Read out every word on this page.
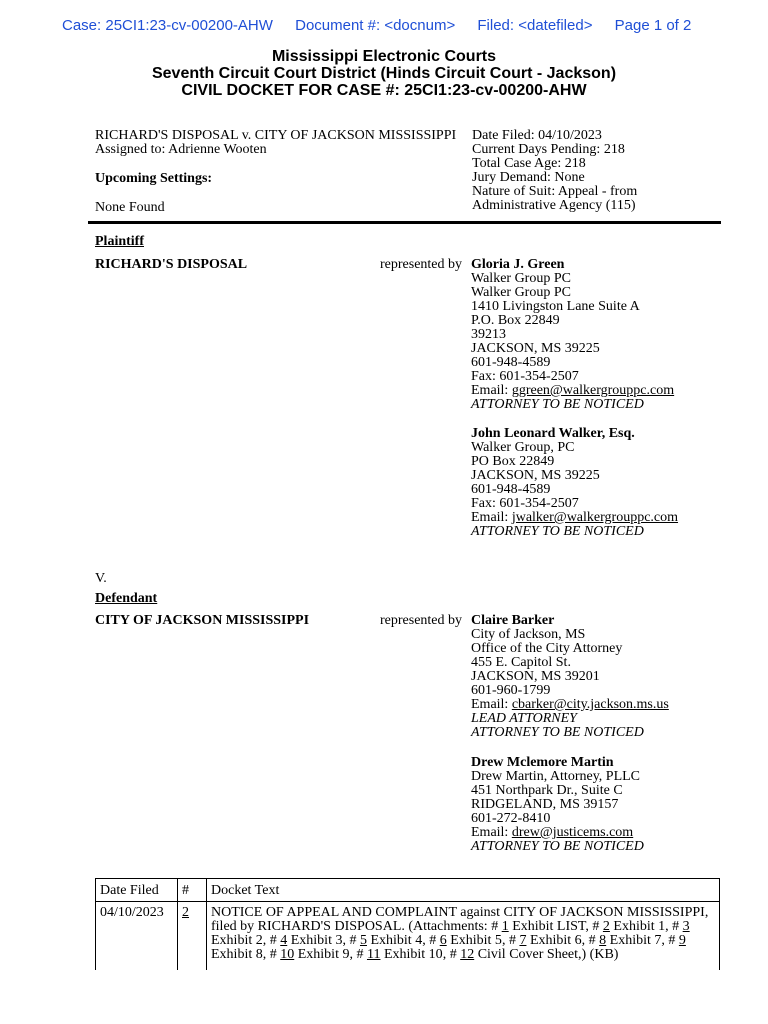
Case: 25CI1:23-cv-00200-AHW Document #: <docnum> Filed: <datefiled> Page 1 of 2
Mississippi Electronic Courts
Seventh Circuit Court District (Hinds Circuit Court - Jackson)
CIVIL DOCKET FOR CASE #: 25CI1:23-cv-00200-AHW
RICHARD'S DISPOSAL v. CITY OF JACKSON MISSISSIPPI
Assigned to: Adrienne Wooten
Upcoming Settings:
None Found
Date Filed: 04/10/2023
Current Days Pending: 218
Total Case Age: 218
Jury Demand: None
Nature of Suit: Appeal - from
Administrative Agency (115)
Plaintiff
RICHARD'S DISPOSAL	represented by Gloria J. Green
Walker Group PC
Walker Group PC
1410 Livingston Lane Suite A
P.O. Box 22849
39213
JACKSON, MS 39225
601-948-4589
Fax: 601-354-2507
Email: ggreen@walkergrouppc.com
ATTORNEY TO BE NOTICED
John Leonard Walker, Esq.
Walker Group, PC
PO Box 22849
JACKSON, MS 39225
601-948-4589
Fax: 601-354-2507
Email: jwalker@walkergrouppc.com
ATTORNEY TO BE NOTICED
V.
Defendant
CITY OF JACKSON MISSISSIPPI	represented by Claire Barker
City of Jackson, MS
Office of the City Attorney
455 E. Capitol St.
JACKSON, MS 39201
601-960-1799
Email: cbarker@city.jackson.ms.us
LEAD ATTORNEY
ATTORNEY TO BE NOTICED
Drew Mclemore Martin
Drew Martin, Attorney, PLLC
451 Northpark Dr., Suite C
RIDGELAND, MS 39157
601-272-8410
Email: drew@justicems.com
ATTORNEY TO BE NOTICED
Date Filed	#	Docket Text
04/10/2023	2	NOTICE OF APPEAL AND COMPLAINT against CITY OF JACKSON MISSISSIPPI, filed by RICHARD'S DISPOSAL. (Attachments: # 1 Exhibit LIST, # 2 Exhibit 1, # 3 Exhibit 2, # 4 Exhibit 3, # 5 Exhibit 4, # 6 Exhibit 5, # 7 Exhibit 6, # 8 Exhibit 7, # 9 Exhibit 8, # 10 Exhibit 9, # 11 Exhibit 10, # 12 Civil Cover Sheet,) (KB)
